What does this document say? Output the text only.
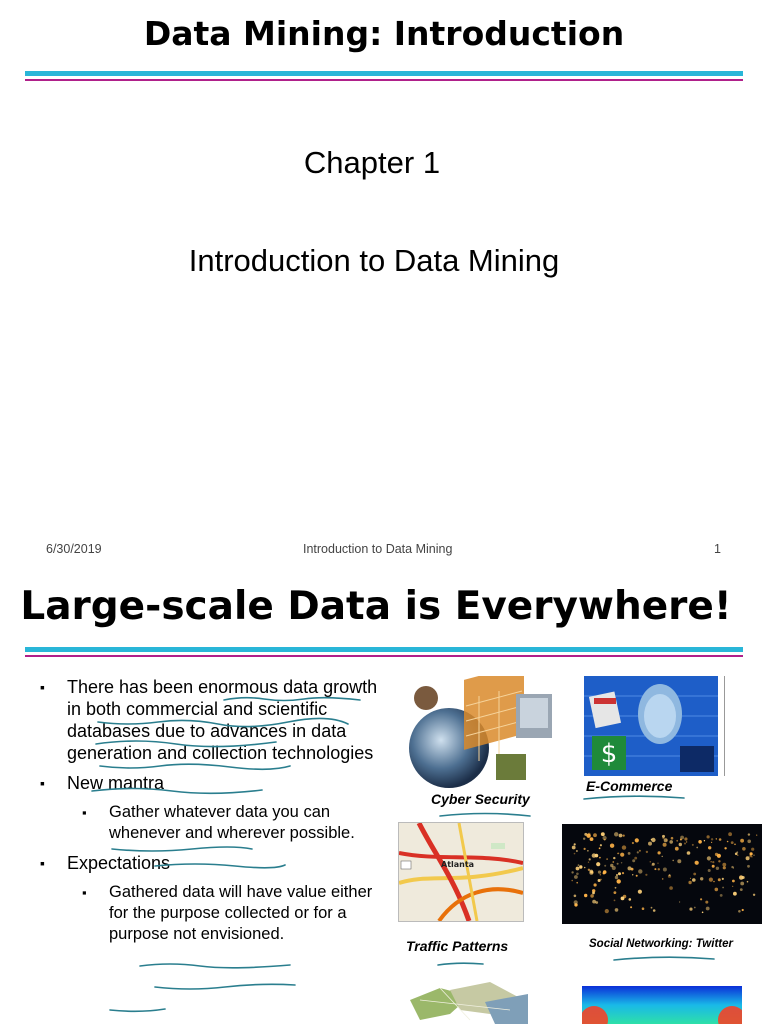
Data Mining: Introduction
Chapter 1
Introduction to Data Mining
6/30/2019	Introduction to Data Mining	1
Large-scale Data is Everywhere!
▪ There has been enormous data growth in both commercial and scientific databases due to advances in data generation and collection technologies
▪ New mantra
▪ Gather whatever data you can whenever and wherever possible.
▪ Expectations
▪ Gathered data will have value either for the purpose collected or for a purpose not envisioned.
Cyber Security
$
E-Commerce
Atlanta
Traffic Patterns	Social Networking: Twitter
